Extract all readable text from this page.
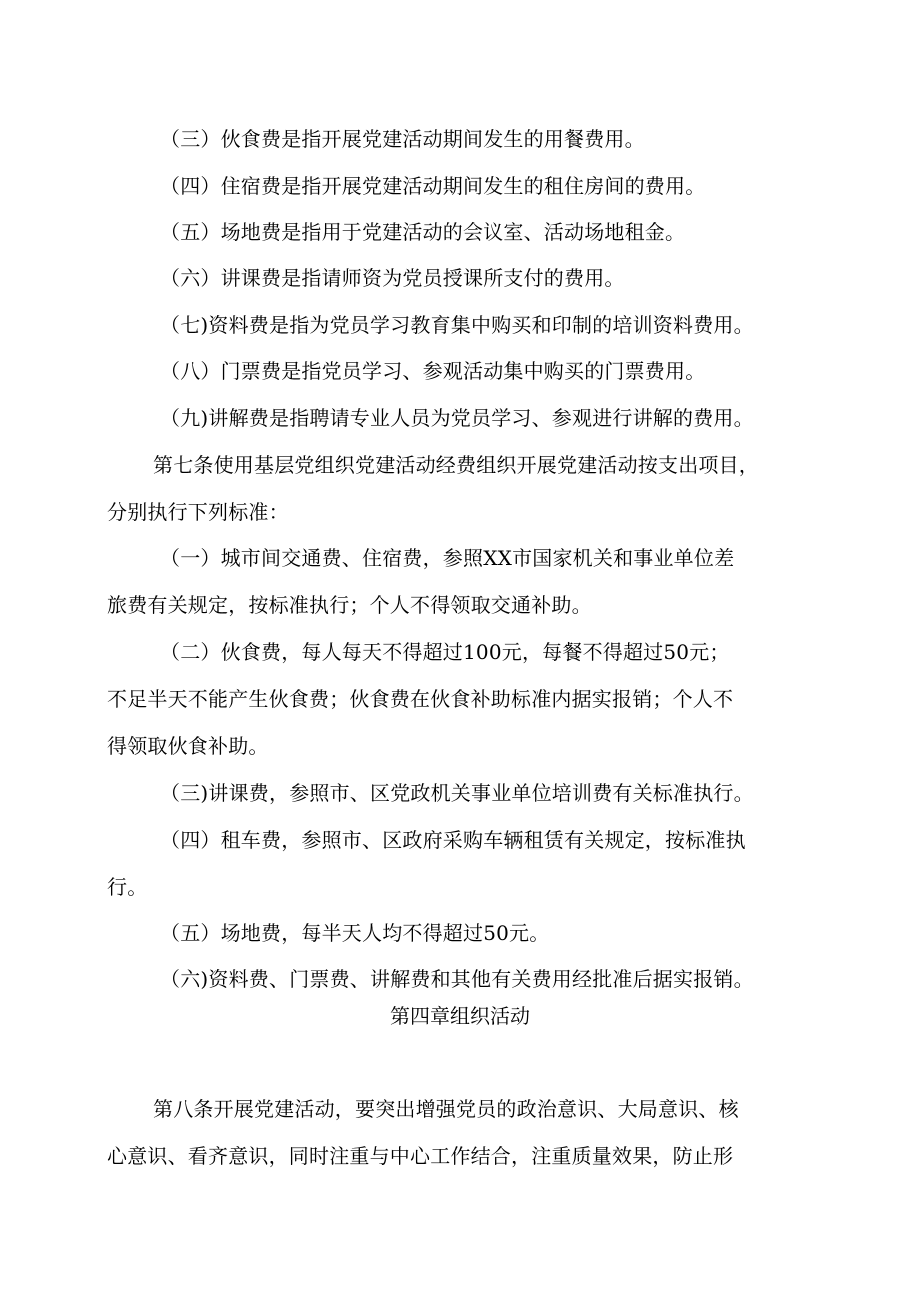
（三）伙食费是指开展党建活动期间发生的用餐费用。
（四）住宿费是指开展党建活动期间发生的租住房间的费用。
（五）场地费是指用于党建活动的会议室、活动场地租金。
（六）讲课费是指请师资为党员授课所支付的费用。
（七)资料费是指为党员学习教育集中购买和印制的培训资料费用。
（八）门票费是指党员学习、参观活动集中购买的门票费用。
（九)讲解费是指聘请专业人员为党员学习、参观进行讲解的费用。
第七条使用基层党组织党建活动经费组织开展党建活动按支出项目，
分别执行下列标准：
（一）城市间交通费、住宿费，参照XX市国家机关和事业单位差
旅费有关规定，按标准执行；个人不得领取交通补助。
（二）伙食费，每人每天不得超过100元，每餐不得超过50元；
不足半天不能产生伙食费；伙食费在伙食补助标准内据实报销；个人不
得领取伙食补助。
（三)讲课费，参照市、区党政机关事业单位培训费有关标准执行。
（四）租车费，参照市、区政府采购车辆租赁有关规定，按标准执
行。
（五）场地费，每半天人均不得超过50元。
（六)资料费、门票费、讲解费和其他有关费用经批准后据实报销。
第四章组织活动
第八条开展党建活动，要突出增强党员的政治意识、大局意识、核
心意识、看齐意识，同时注重与中心工作结合，注重质量效果，防止形
